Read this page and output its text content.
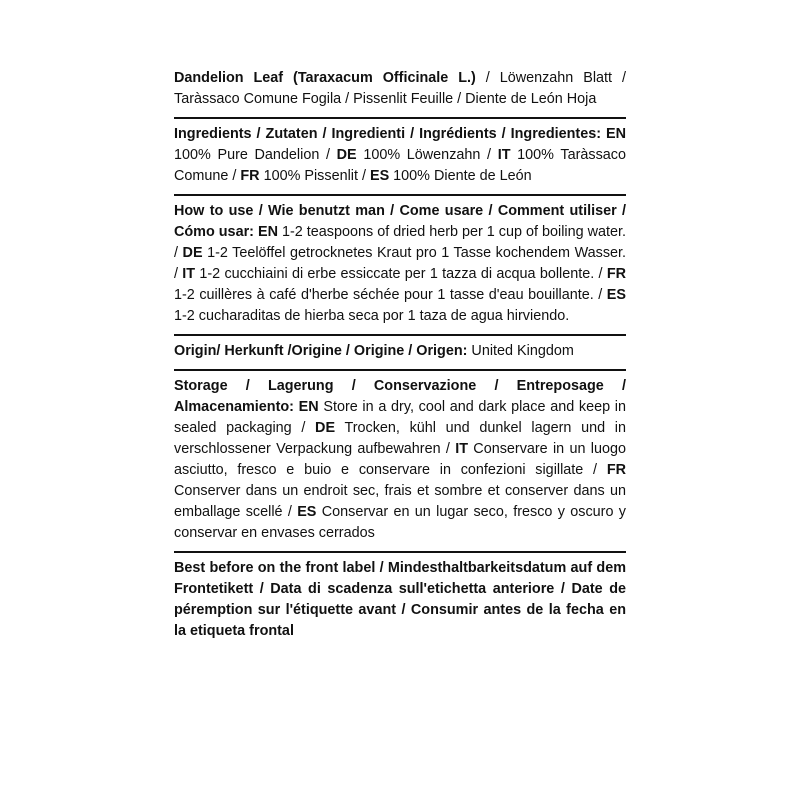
Dandelion Leaf (Taraxacum Officinale L.) / Löwenzahn Blatt / Taràssaco Comune Fogila / Pissenlit Feuille / Diente de León Hoja
Ingredients / Zutaten / Ingredienti / Ingrédients / Ingredientes: EN 100% Pure Dandelion / DE 100% Löwenzahn / IT 100% Taràssaco Comune / FR 100% Pissenlit / ES 100% Diente de León
How to use / Wie benutzt man / Come usare / Comment utiliser / Cómo usar: EN 1-2 teaspoons of dried herb per 1 cup of boiling water. / DE 1-2 Teelöffel getrocknetes Kraut pro 1 Tasse kochendem Wasser. / IT 1-2 cucchiaini di erbe essiccate per 1 tazza di acqua bollente. / FR 1-2 cuillères à café d'herbe séchée pour 1 tasse d'eau bouillante. / ES 1-2 cucharaditas de hierba seca por 1 taza de agua hirviendo.
Origin/ Herkunft /Origine / Origine / Origen: United Kingdom
Storage / Lagerung / Conservazione / Entreposage / Almacenamiento: EN Store in a dry, cool and dark place and keep in sealed packaging / DE Trocken, kühl und dunkel lagern und in verschlossener Verpackung aufbewahren / IT Conservare in un luogo asciutto, fresco e buio e conservare in confezioni sigillate / FR Conserver dans un endroit sec, frais et sombre et conserver dans un emballage scellé / ES Conservar en un lugar seco, fresco y oscuro y conservar en envases cerrados
Best before on the front label / Mindesthaltbarkeitsdatum auf dem Frontetikett / Data di scadenza sull'etichetta anteriore / Date de péremption sur l'étiquette avant / Consumir antes de la fecha en la etiqueta frontal
